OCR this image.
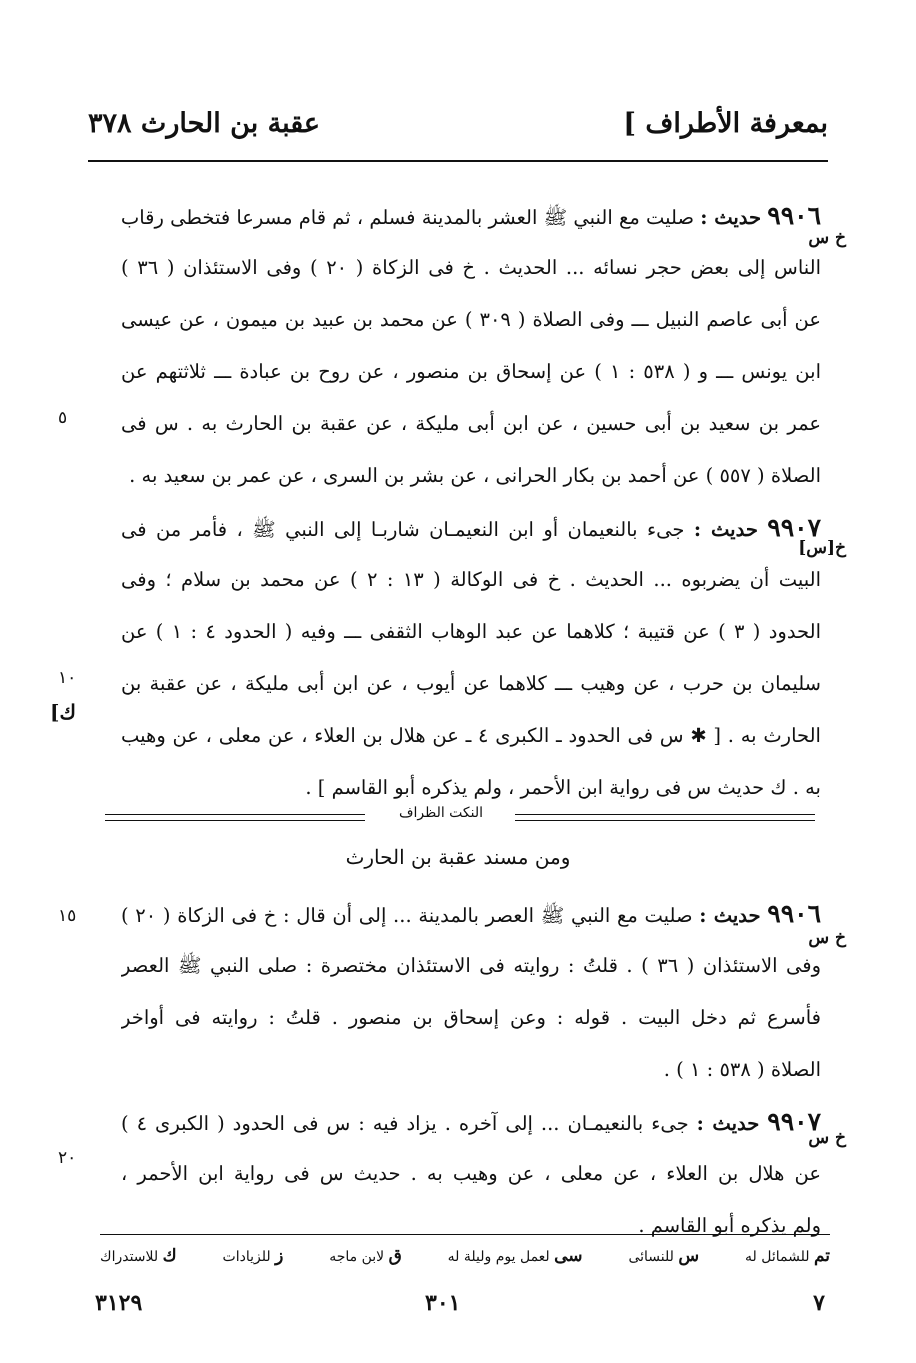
بمعرفة الأطراف ]
عقبة بن الحارث ٣٧٨
٩٩٠٦ حديث : صليت مع النبي ﷺ العشر بالمدينة فسلم ، ثم قام مسرعا فتخطى رقاب
الناس إلى بعض حجر نسائه ... الحديث . خ فى الزكاة ( ٢٠ ) وفى الاستئذان ( ٣٦ )
عن أبى عاصم النبيل ـــ وفى الصلاة ( ٣٠٩ ) عن محمد بن عبيد بن ميمون ، عن عيسى
ابن يونس ـــ و ( ٥٣٨ : ١ ) عن إسحاق بن منصور ، عن روح بن عبادة ـــ ثلاثتهم عن
عمر بن سعيد بن أبى حسين ، عن ابن أبى مليكة ، عن عقبة بن الحارث به . س فى
الصلاة ( ٥٥٧ ) عن أحمد بن بكار الحرانى ، عن بشر بن السرى ، عن عمر بن سعيد به .
٩٩٠٧ حديث : جىء بالنعيمان أو ابن النعيمـان شاربـا إلى النبي ﷺ ، فأمر من فى
البيت أن يضربوه ... الحديث . خ فى الوكالة ( ١٣ : ٢ ) عن محمد بن سلام ؛ وفى
الحدود ( ٣ ) عن قتيبة ؛ كلاهما عن عبد الوهاب الثقفى ـــ وفيه ( الحدود ٤ : ١ ) عن
سليمان بن حرب ، عن وهيب ـــ كلاهما عن أيوب ، عن ابن أبى مليكة ، عن عقبة بن
الحارث به . [ ✱ س فى الحدود ـ الكبرى ٤ ـ عن هلال بن العلاء ، عن معلى ، عن وهيب
به . ك حديث س فى رواية ابن الأحمر ، ولم يذكره أبو القاسم ] .
خ س
خ[س]
٥
١٠
[ك
النكت الظراف
ومن مسند عقبة بن الحارث
٩٩٠٦ حديث : صليت مع النبي ﷺ العصر بالمدينة ... إلى أن قال : خ فى الزكاة ( ٢٠ )
وفى الاستئذان ( ٣٦ ) . قلتُ : روايته فى الاستئذان مختصرة : صلى النبي ﷺ العصر
فأسرع ثم دخل البيت . قوله : وعن إسحاق بن منصور . قلتُ : روايته فى أواخر
الصلاة ( ٥٣٨ : ١ ) .
٩٩٠٧ حديث : جىء بالنعيمـان ... إلى آخره . يزاد فيه : س فى الحدود ( الكبرى ٤ )
عن هلال بن العلاء ، عن معلى ، عن وهيب به . حديث س فى رواية ابن الأحمر ،
ولم يذكره أبو القاسم .
خ س
خ س
١٥
٢٠
تم للشمائل له
س للنسائى
سى لعمل يوم وليلة له
ق لابن ماجه
ز للزيادات
ك للاستدراك
٧
٣٠١
٣١٢٩
